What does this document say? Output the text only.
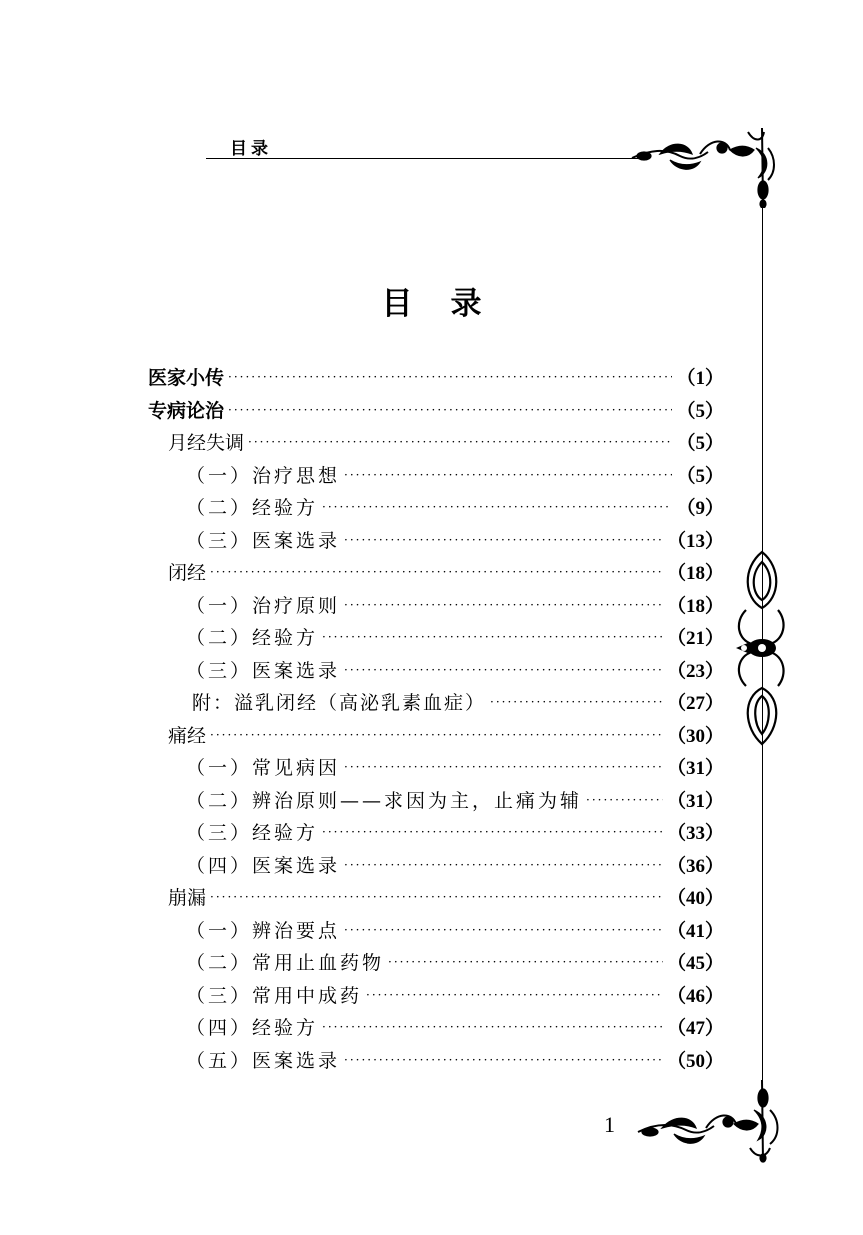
目录
目录
医家小传 ·····	（1）
专病论治 ·····	（5）
月经失调 ·····	（5）
（一）治疗思想 ·····	（5）
（二）经验方 ·····	（9）
（三）医案选录 ·····	（13）
闭经 ·····	（18）
（一）治疗原则 ·····	（18）
（二）经验方 ·····	（21）
（三）医案选录 ·····	（23）
附：溢乳闭经（高泌乳素血症） ·····	（27）
痛经 ·····	（30）
（一）常见病因 ·····	（31）
（二）辨治原则——求因为主，止痛为辅 ·····	（31）
（三）经验方 ·····	（33）
（四）医案选录 ·····	（36）
崩漏 ·····	（40）
（一）辨治要点 ·····	（41）
（二）常用止血药物 ·····	（45）
（三）常用中成药 ·····	（46）
（四）经验方 ·····	（47）
（五）医案选录 ·····	（50）
1
